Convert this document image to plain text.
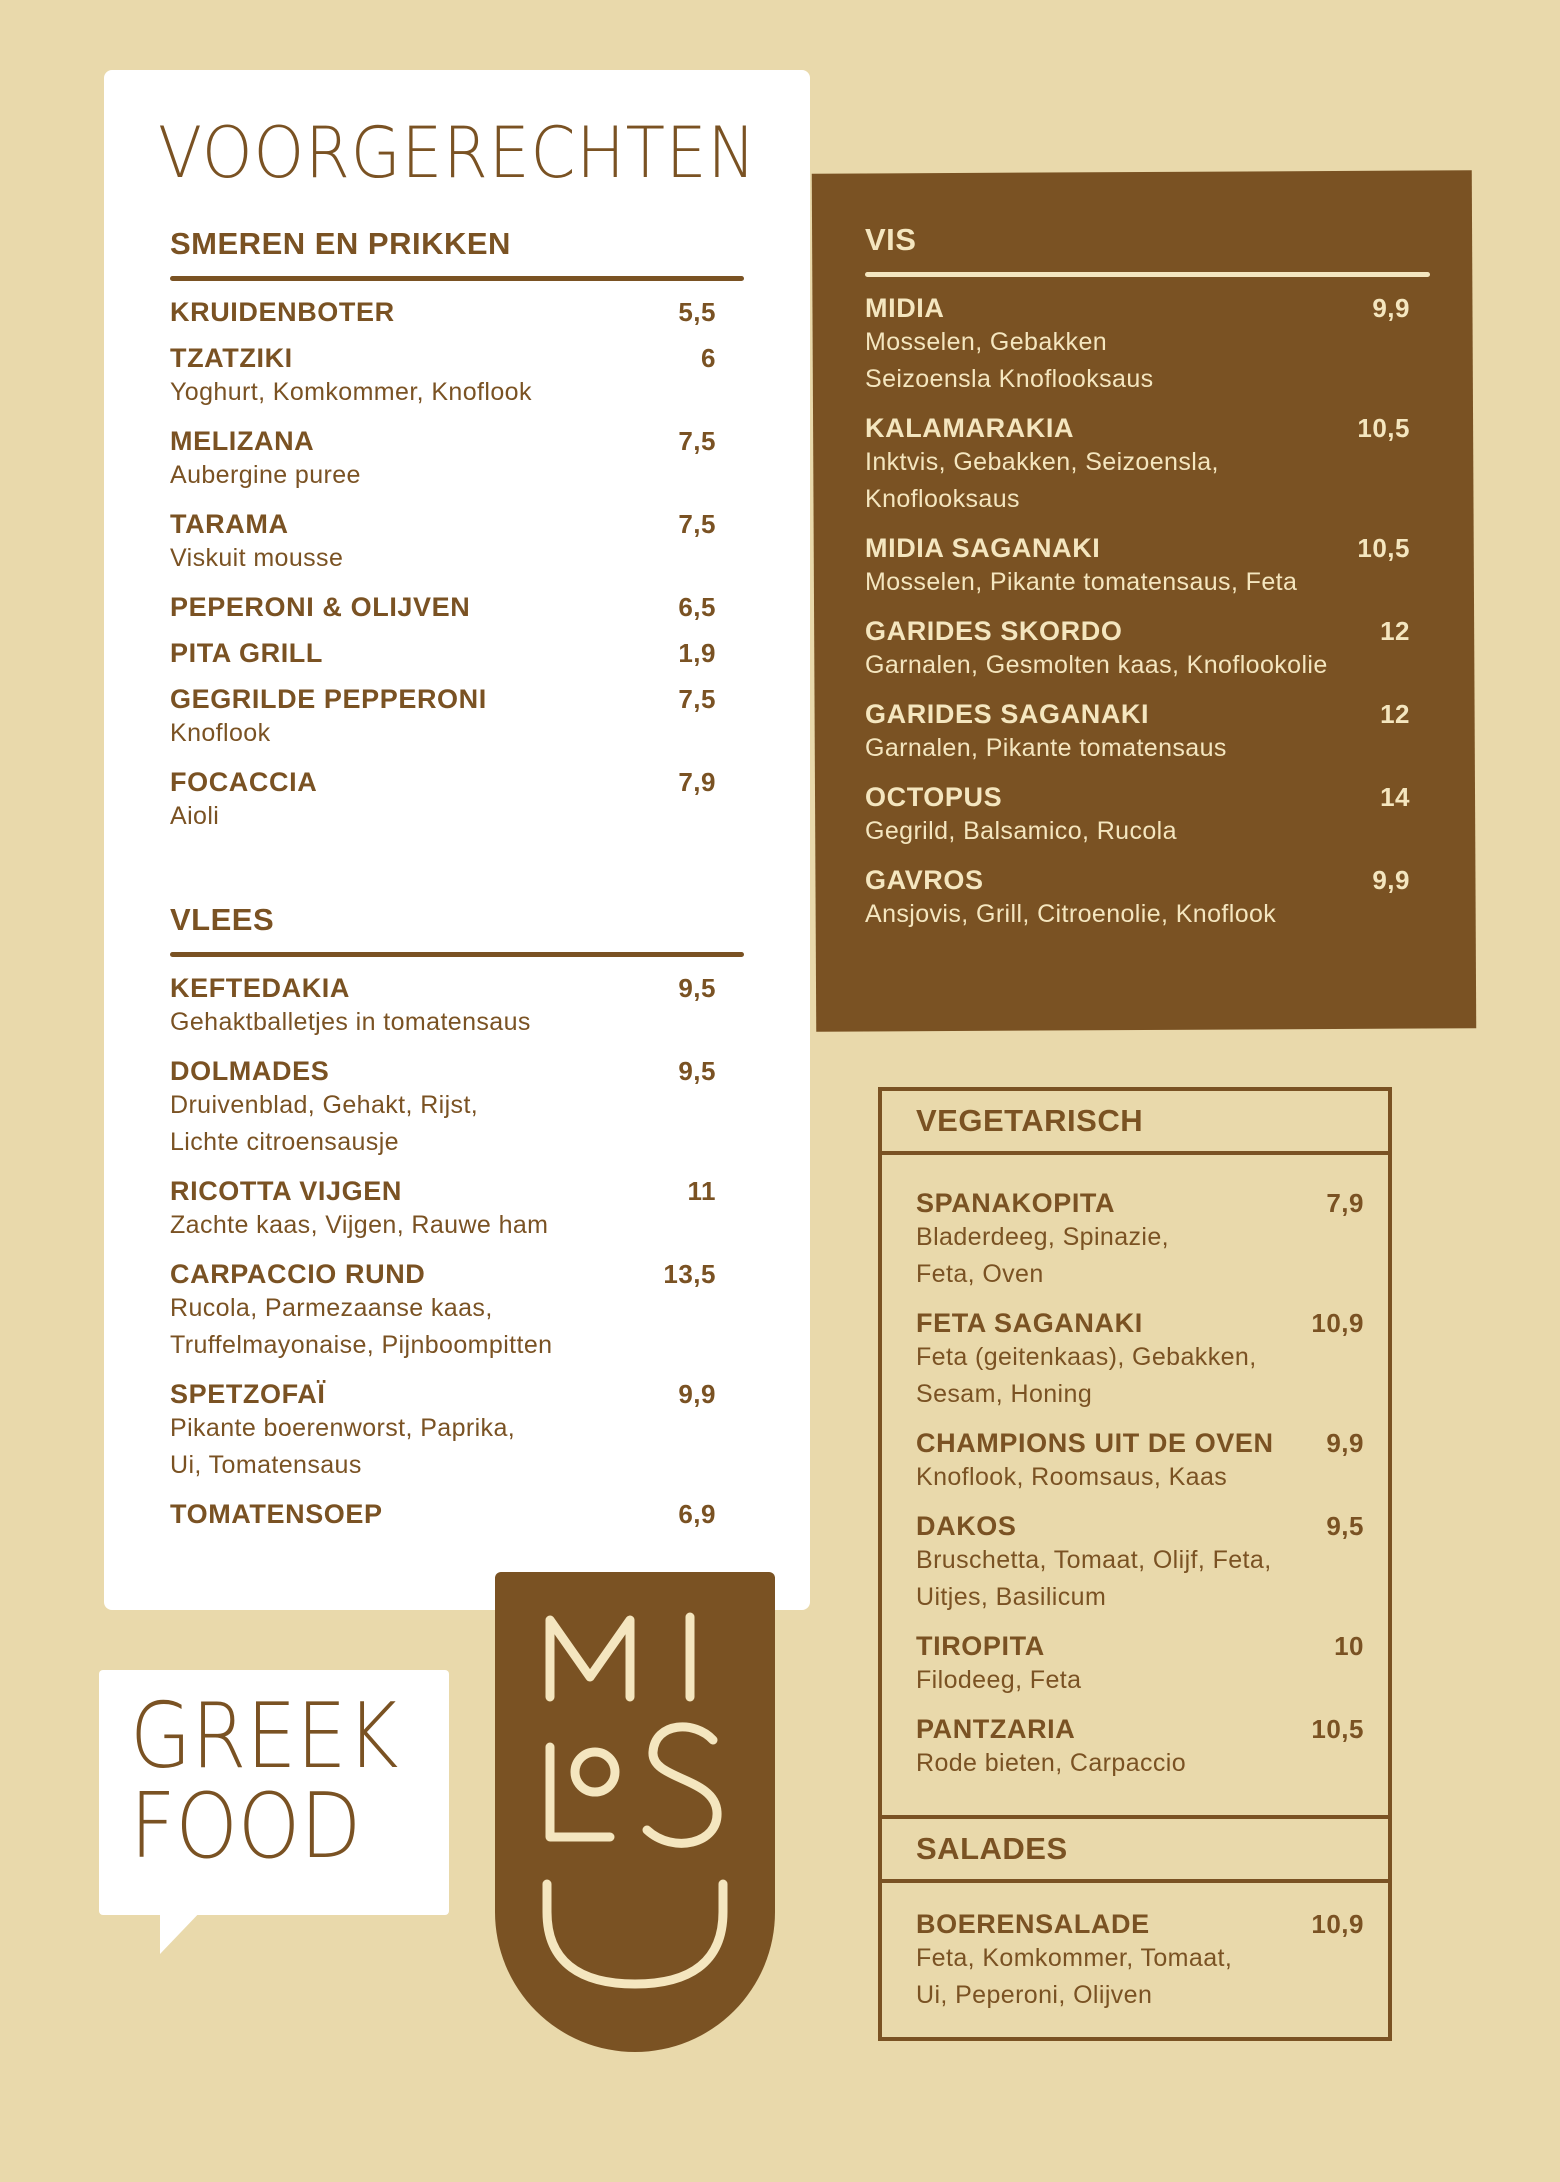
VOORGERECHTEN
SMEREN EN PRIKKEN
KRUIDENBOTER	5,5
TZATZIKI	6
Yoghurt, Komkommer, Knoflook
MELIZANA	7,5
Aubergine puree
TARAMA	7,5
Viskuit mousse
PEPERONI & OLIJVEN	6,5
PITA GRILL	1,9
GEGRILDE PEPPERONI	7,5
Knoflook
FOCACCIA	7,9
Aioli
VLEES
KEFTEDAKIA	9,5
Gehaktballetjes in tomatensaus
DOLMADES	9,5
Druivenblad, Gehakt, Rijst,
Lichte citroensausje
RICOTTA VIJGEN	11
Zachte kaas, Vijgen, Rauwe ham
CARPACCIO RUND	13,5
Rucola, Parmezaanse kaas,
Truffelmayonaise, Pijnboompitten
SPETZOFAÏ	9,9
Pikante boerenworst, Paprika,
Ui, Tomatensaus
TOMATENSOEP	6,9
VIS
MIDIA	9,9
Mosselen, Gebakken
Seizoensla Knoflooksaus
KALAMARAKIA	10,5
Inktvis, Gebakken, Seizoensla,
Knoflooksaus
MIDIA SAGANAKI	10,5
Mosselen, Pikante tomatensaus, Feta
GARIDES SKORDO	12
Garnalen, Gesmolten kaas, Knoflookolie
GARIDES SAGANAKI	12
Garnalen, Pikante tomatensaus
OCTOPUS	14
Gegrild, Balsamico, Rucola
GAVROS	9,9
Ansjovis, Grill, Citroenolie, Knoflook
VEGETARISCH
SPANAKOPITA	7,9
Bladerdeeg, Spinazie,
Feta, Oven
FETA SAGANAKI	10,9
Feta (geitenkaas), Gebakken,
Sesam, Honing
CHAMPIONS UIT DE OVEN 9,9
Knoflook, Roomsaus, Kaas
DAKOS	9,5
Bruschetta, Tomaat, Olijf, Feta,
Uitjes, Basilicum
TIROPITA	10
Filodeeg, Feta
PANTZARIA	10,5
Rode bieten, Carpaccio
SALADES
BOERENSALADE	10,9
Feta, Komkommer, Tomaat,
Ui, Peperoni, Olijven
GREEK
FOOD
